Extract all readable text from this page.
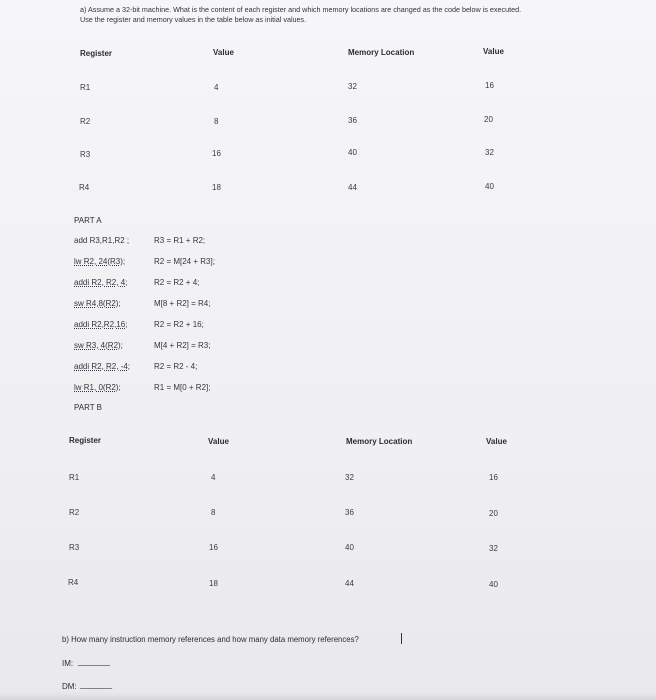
a) Assume a 32-bit machine. What is the content of each register and which memory locations are changed as the code below is executed.
Use the register and memory values in the table below as initial values.
Register	Value	Memory Location	Value
R1	4	32	16
R2	8	36	20
R3	16	40	32
R4	18	44	40
PART A
add R3,R1,R2 ;	R3 = R1 + R2;
lw R2, 24(R3);	R2 = M[24 + R3];
addi R2, R2, 4;	R2 = R2 + 4;
sw R4,8(R2);	M[8 + R2] = R4;
addi R2,R2,16;	R2 = R2 + 16;
sw R3, 4(R2);	M[4 + R2] = R3;
addi R2, R2, -4;	R2 = R2 - 4;
lw R1, 0(R2);	R1 = M[0 + R2];
PART B
Register	Value	Memory Location	Value
R1	4	32	16
R2	8	36	20
R3	16	40	32
R4	18	44	40
b) How many instruction memory references and how many data memory references?
IM: ________
DM: ________
